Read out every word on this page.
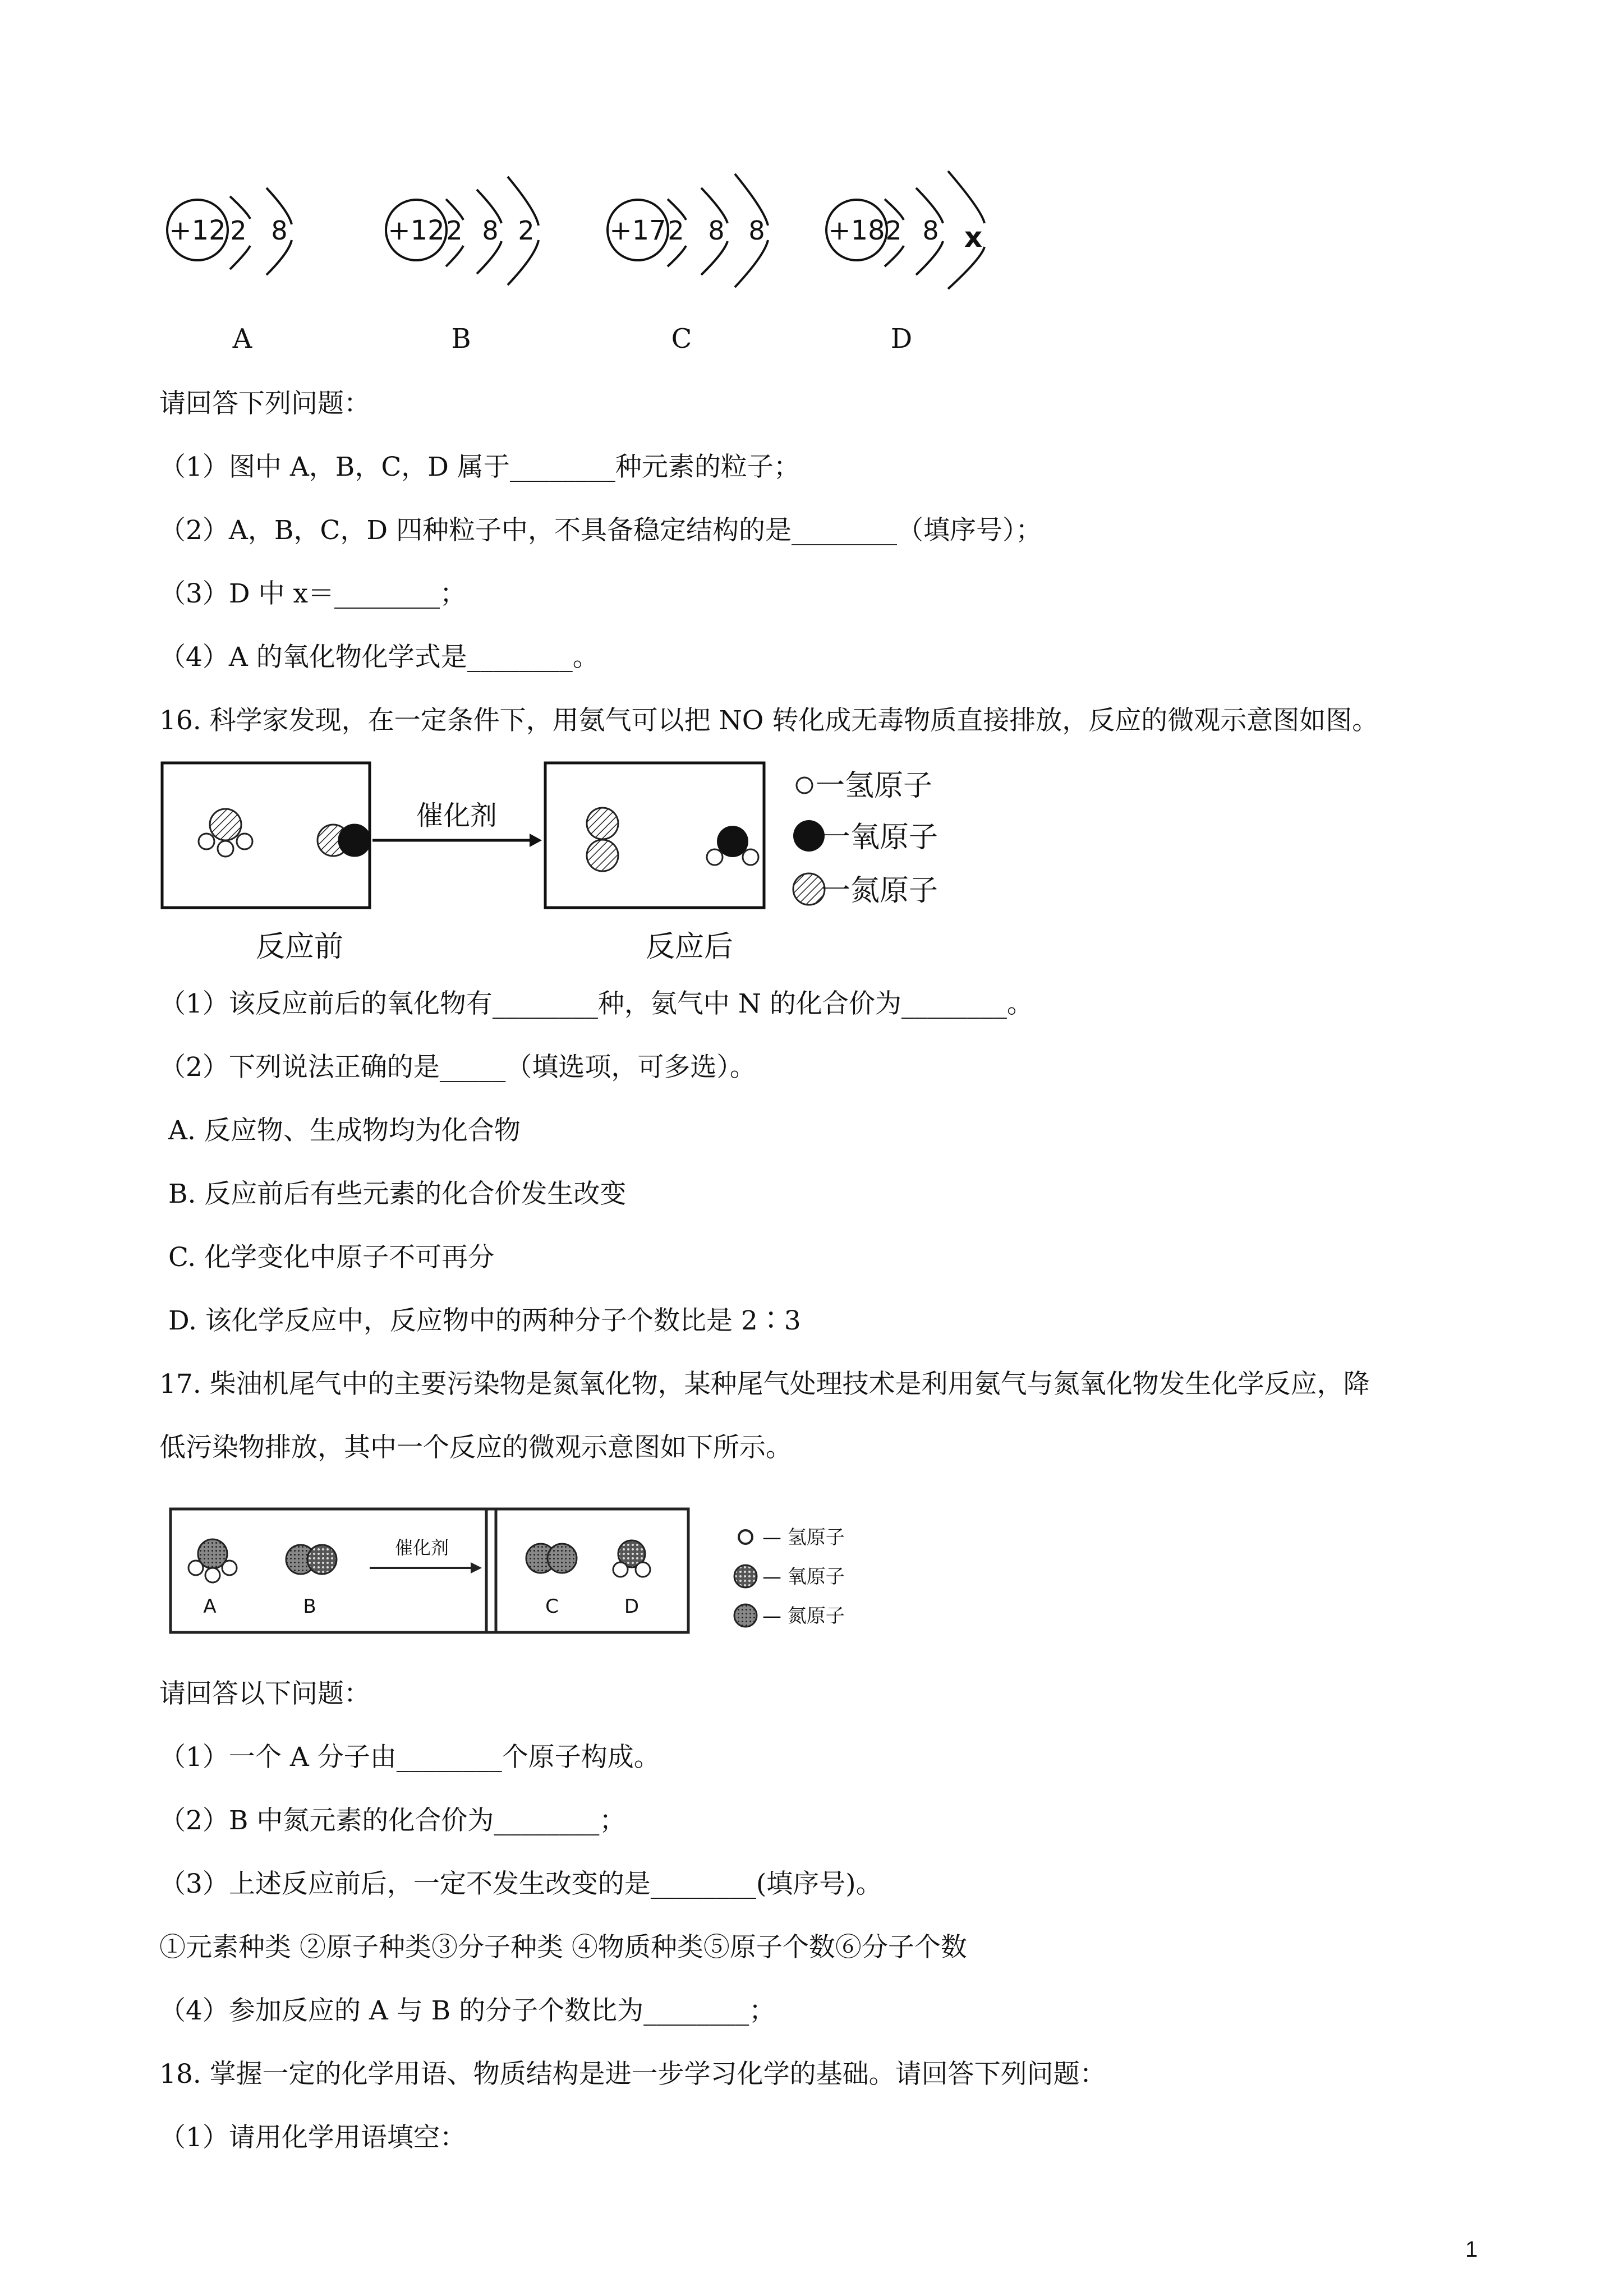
+12 2 8
A
+12 2 8 2
B
+17 2 8 8
C
+18 2 8 x
D
请回答下列问题：
（1）图中 A，B，C，D 属于________种元素的粒子；
（2）A，B，C，D 四种粒子中，不具备稳定结构的是________（填序号）；
（3）D 中 x＝________；
（4）A 的氧化物化学式是________。
16. 科学家发现，在一定条件下，用氨气可以把 NO 转化成无毒物质直接排放，反应的微观示意图如图。
催化剂
反应前	反应后
一氢原子
一氧原子
一氮原子
（1）该反应前后的氧化物有________种，氨气中 N 的化合价为________。
（2）下列说法正确的是_____（填选项，可多选）。
A. 反应物、生成物均为化合物
B. 反应前后有些元素的化合价发生改变
C. 化学变化中原子不可再分
D. 该化学反应中，反应物中的两种分子个数比是 2∶3
17. 柴油机尾气中的主要污染物是氮氧化物，某种尾气处理技术是利用氨气与氮氧化物发生化学反应，降
低污染物排放，其中一个反应的微观示意图如下所示。
A	B
催化剂
C	D
— 氢原子
— 氧原子
— 氮原子
请回答以下问题：
（1）一个 A 分子由________个原子构成。
（2）B 中氮元素的化合价为________；
（3）上述反应前后，一定不发生改变的是________(填序号)。
①元素种类 ②原子种类③分子种类 ④物质种类⑤原子个数⑥分子个数
（4）参加反应的 A 与 B 的分子个数比为________；
18. 掌握一定的化学用语、物质结构是进一步学习化学的基础。请回答下列问题：
（1）请用化学用语填空：
1
